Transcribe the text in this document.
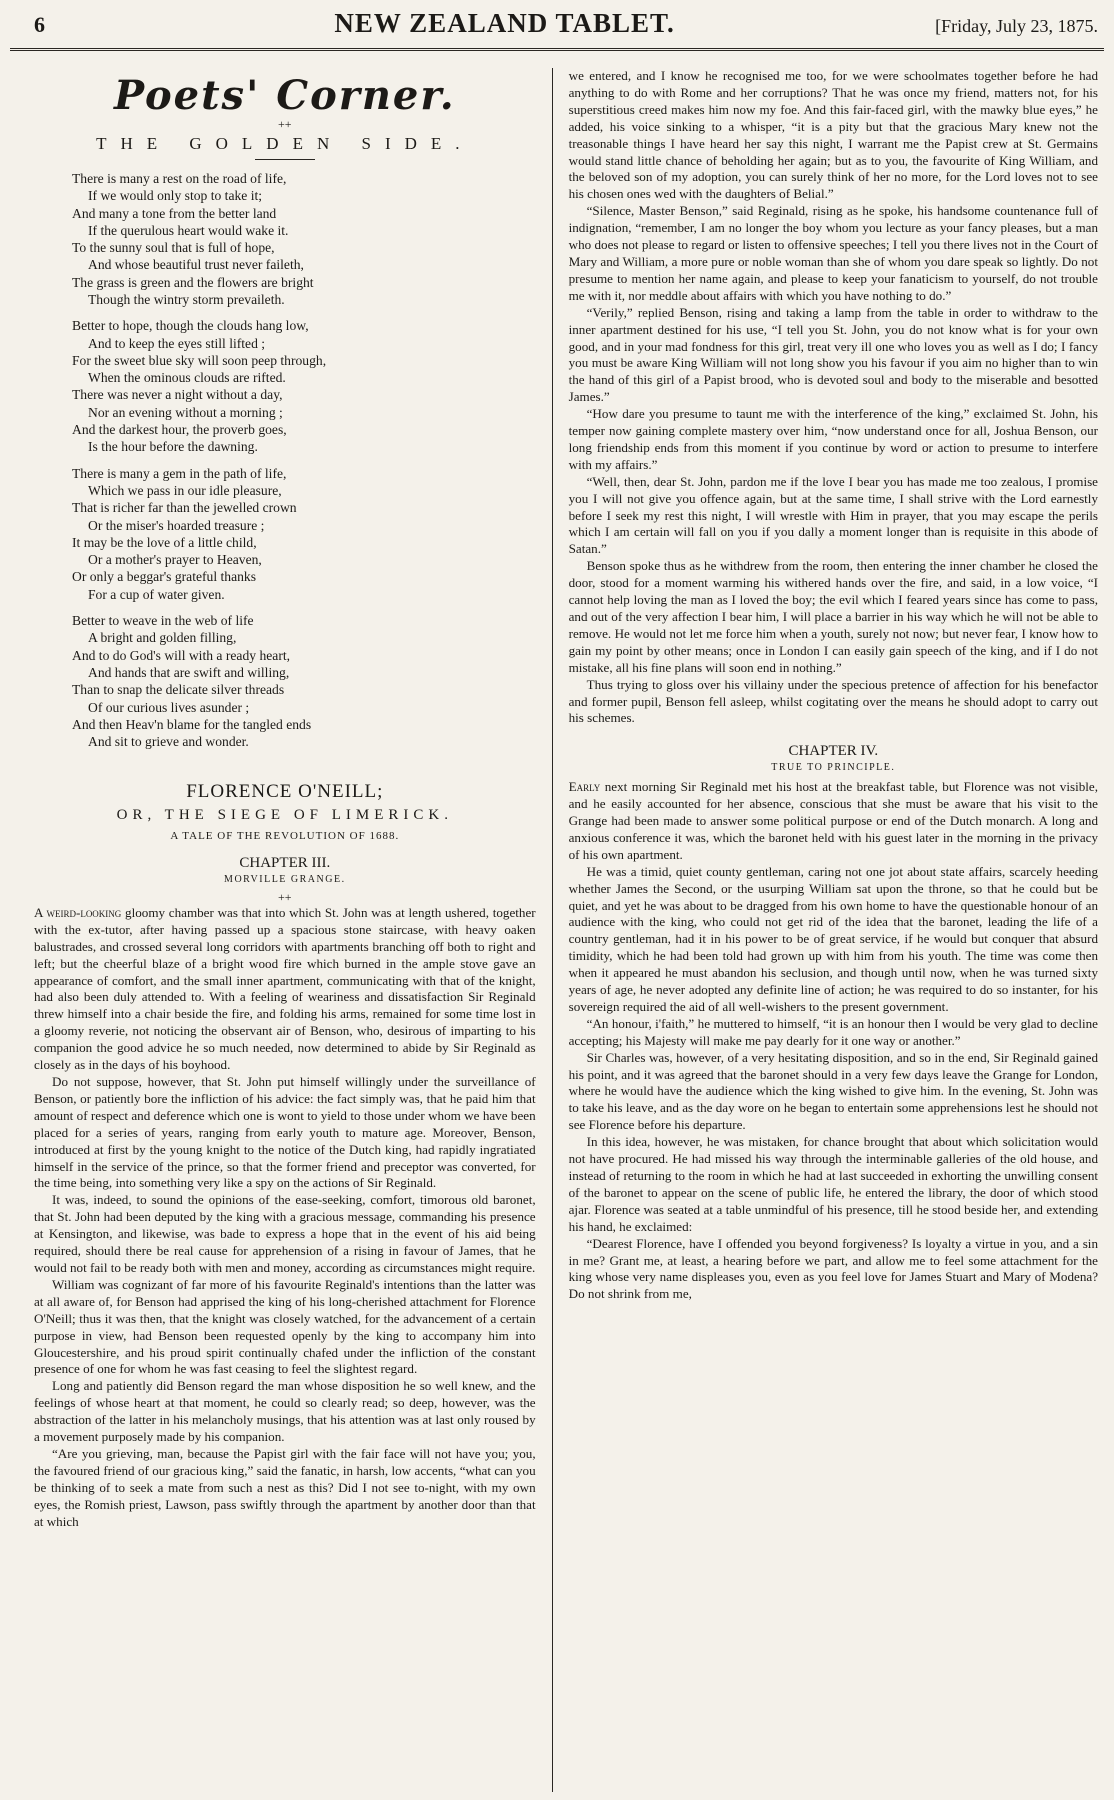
6	NEW ZEALAND TABLET.	[Friday, July 23, 1875.
Poets' Corner.
++
THE GOLDEN SIDE.
There is many a rest on the road of life,
If we would only stop to take it;
And many a tone from the better land
If the querulous heart would wake it.
To the sunny soul that is full of hope,
And whose beautiful trust never faileth,
The grass is green and the flowers are bright
Though the wintry storm prevaileth.
Better to hope, though the clouds hang low,
And to keep the eyes still lifted ;
For the sweet blue sky will soon peep through,
When the ominous clouds are rifted.
There was never a night without a day,
Nor an evening without a morning ;
And the darkest hour, the proverb goes,
Is the hour before the dawning.
There is many a gem in the path of life,
Which we pass in our idle pleasure,
That is richer far than the jewelled crown
Or the miser's hoarded treasure ;
It may be the love of a little child,
Or a mother's prayer to Heaven,
Or only a beggar's grateful thanks
For a cup of water given.
Better to weave in the web of life
A bright and golden filling,
And to do God's will with a ready heart,
And hands that are swift and willing,
Than to snap the delicate silver threads
Of our curious lives asunder ;
And then Heav'n blame for the tangled ends
And sit to grieve and wonder.
FLORENCE O'NEILL;
OR, THE SIEGE OF LIMERICK.
A TALE OF THE REVOLUTION OF 1688.
CHAPTER III.
MORVILLE GRANGE.
++

A weird-looking gloomy chamber was that into which St. John was at length ushered, together with the ex-tutor, after having passed up a spacious stone staircase, with heavy oaken balustrades, and crossed several long corridors with apartments branching off both to right and left; but the cheerful blaze of a bright wood fire which burned in the ample stove gave an appearance of comfort, and the small inner apartment, communicating with that of the knight, had also been duly attended to. With a feeling of weariness and dissatisfaction Sir Reginald threw himself into a chair beside the fire, and folding his arms, remained for some time lost in a gloomy reverie, not noticing the observant air of Benson, who, desirous of imparting to his companion the good advice he so much needed, now determined to abide by Sir Reginald as closely as in the days of his boyhood.

Do not suppose, however, that St. John put himself willingly under the surveillance of Benson, or patiently bore the infliction of his advice: the fact simply was, that he paid him that amount of respect and deference which one is wont to yield to those under whom we have been placed for a series of years, ranging from early youth to mature age. Moreover, Benson, introduced at first by the young knight to the notice of the Dutch king, had rapidly ingratiated himself in the service of the prince, so that the former friend and preceptor was converted, for the time being, into something very like a spy on the actions of Sir Reginald.

It was, indeed, to sound the opinions of the ease-seeking, comfort, timorous old baronet, that St. John had been deputed by the king with a gracious message, commanding his presence at Kensington, and likewise, was bade to express a hope that in the event of his aid being required, should there be real cause for apprehension of a rising in favour of James, that he would not fail to be ready both with men and money, according as circumstances might require.

William was cognizant of far more of his favourite Reginald's intentions than the latter was at all aware of, for Benson had apprised the king of his long-cherished attachment for Florence O'Neill; thus it was then, that the knight was closely watched, for the advancement of a certain purpose in view, had Benson been requested openly by the king to accompany him into Gloucestershire, and his proud spirit continually chafed under the infliction of the constant presence of one for whom he was fast ceasing to feel the slightest regard.

Long and patiently did Benson regard the man whose disposition he so well knew, and the feelings of whose heart at that moment, he could so clearly read; so deep, however, was the abstraction of the latter in his melancholy musings, that his attention was at last only roused by a movement purposely made by his companion.

“Are you grieving, man, because the Papist girl with the fair face will not have you; you, the favoured friend of our gracious king,” said the fanatic, in harsh, low accents, “what can you be thinking of to seek a mate from such a nest as this? Did I not see to-night, with my own eyes, the Romish priest, Lawson, pass swiftly through the apartment by another door than that at which

we entered, and I know he recognised me too, for we were schoolmates together before he had anything to do with Rome and her corruptions? That he was once my friend, matters not, for his superstitious creed makes him now my foe. And this fair-faced girl, with the mawky blue eyes,” he added, his voice sinking to a whisper, “it is a pity but that the gracious Mary knew not the treasonable things I have heard her say this night, I warrant me the Papist crew at St. Germains would stand little chance of beholding her again; but as to you, the favourite of King William, and the beloved son of my adoption, you can surely think of her no more, for the Lord loves not to see his chosen ones wed with the daughters of Belial.”

“Silence, Master Benson,” said Reginald, rising as he spoke, his handsome countenance full of indignation, “remember, I am no longer the boy whom you lecture as your fancy pleases, but a man who does not please to regard or listen to offensive speeches; I tell you there lives not in the Court of Mary and William, a more pure or noble woman than she of whom you dare speak so lightly. Do not presume to mention her name again, and please to keep your fanaticism to yourself, do not trouble me with it, nor meddle about affairs with which you have nothing to do.”

“Verily,” replied Benson, rising and taking a lamp from the table in order to withdraw to the inner apartment destined for his use, “I tell you St. John, you do not know what is for your own good, and in your mad fondness for this girl, treat very ill one who loves you as well as I do; I fancy you must be aware King William will not long show you his favour if you aim no higher than to win the hand of this girl of a Papist brood, who is devoted soul and body to the miserable and besotted James.”

“How dare you presume to taunt me with the interference of the king,” exclaimed St. John, his temper now gaining complete mastery over him, “now understand once for all, Joshua Benson, our long friendship ends from this moment if you continue by word or action to presume to interfere with my affairs.”

“Well, then, dear St. John, pardon me if the love I bear you has made me too zealous, I promise you I will not give you offence again, but at the same time, I shall strive with the Lord earnestly before I seek my rest this night, I will wrestle with Him in prayer, that you may escape the perils which I am certain will fall on you if you dally a moment longer than is requisite in this abode of Satan.”

Benson spoke thus as he withdrew from the room, then entering the inner chamber he closed the door, stood for a moment warming his withered hands over the fire, and said, in a low voice, “I cannot help loving the man as I loved the boy; the evil which I feared years since has come to pass, and out of the very affection I bear him, I will place a barrier in his way which he will not be able to remove. He would not let me force him when a youth, surely not now; but never fear, I know how to gain my point by other means; once in London I can easily gain speech of the king, and if I do not mistake, all his fine plans will soon end in nothing.”

Thus trying to gloss over his villainy under the specious pretence of affection for his benefactor and former pupil, Benson fell asleep, whilst cogitating over the means he should adopt to carry out his schemes.

CHAPTER IV.
TRUE TO PRINCIPLE.

Early next morning Sir Reginald met his host at the breakfast table, but Florence was not visible, and he easily accounted for her absence, conscious that she must be aware that his visit to the Grange had been made to answer some political purpose or end of the Dutch monarch. A long and anxious conference it was, which the baronet held with his guest later in the morning in the privacy of his own apartment.

He was a timid, quiet county gentleman, caring not one jot about state affairs, scarcely heeding whether James the Second, or the usurping William sat upon the throne, so that he could but be quiet, and yet he was about to be dragged from his own home to have the questionable honour of an audience with the king, who could not get rid of the idea that the baronet, leading the life of a country gentleman, had it in his power to be of great service, if he would but conquer that absurd timidity, which he had been told had grown up with him from his youth. The time was come then when it appeared he must abandon his seclusion, and though until now, when he was turned sixty years of age, he never adopted any definite line of action; he was required to do so instanter, for his sovereign required the aid of all well-wishers to the present government.

“An honour, i'faith,” he muttered to himself, “it is an honour then I would be very glad to decline accepting; his Majesty will make me pay dearly for it one way or another.”

Sir Charles was, however, of a very hesitating disposition, and so in the end, Sir Reginald gained his point, and it was agreed that the baronet should in a very few days leave the Grange for London, where he would have the audience which the king wished to give him. In the evening, St. John was to take his leave, and as the day wore on he began to entertain some apprehensions lest he should not see Florence before his departure.

In this idea, however, he was mistaken, for chance brought that about which solicitation would not have procured. He had missed his way through the interminable galleries of the old house, and instead of returning to the room in which he had at last succeeded in exhorting the unwilling consent of the baronet to appear on the scene of public life, he entered the library, the door of which stood ajar. Florence was seated at a table unmindful of his presence, till he stood beside her, and extending his hand, he exclaimed:

“Dearest Florence, have I offended you beyond forgiveness? Is loyalty a virtue in you, and a sin in me? Grant me, at least, a hearing before we part, and allow me to feel some attachment for the king whose very name displeases you, even as you feel love for James Stuart and Mary of Modena? Do not shrink from me,
